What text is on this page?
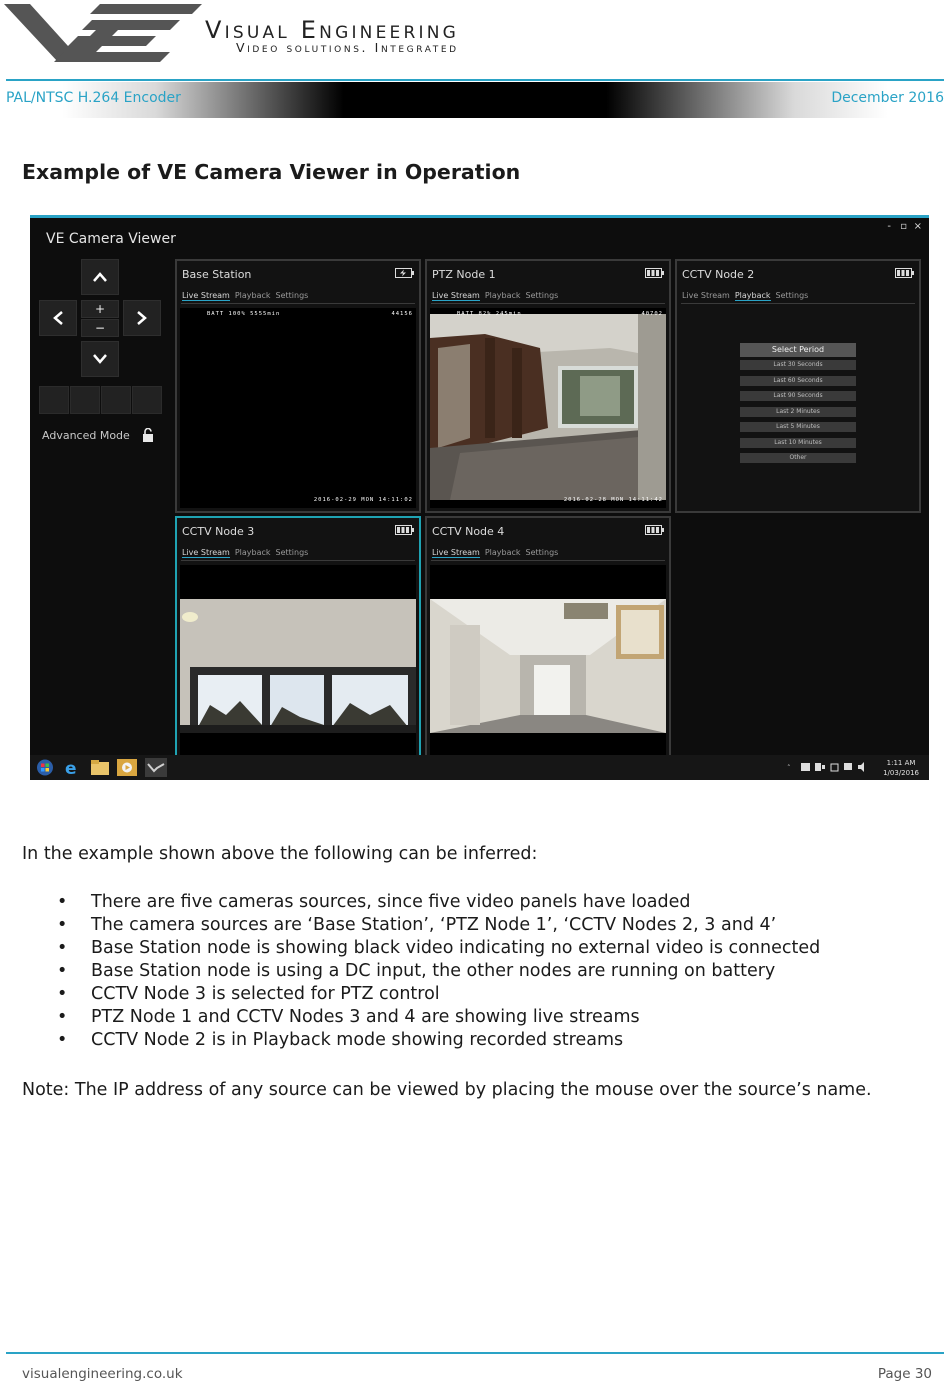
Visual Engineering
Video solutions. Integrated
PAL/NTSC H.264 Encoder	December 2016
Example of VE Camera Viewer in Operation
VE Camera Viewer
- ▫ ×
+
−
Advanced Mode
Base Station
Live Stream Playback Settings
BATT 100% 5555min	44156
2016-02-29 MON 14:11:02
PTZ Node 1
Live Stream Playback Settings
BATT 82% 245min	40702
2016-02-28 MON 14:11:42
CCTV Node 2
Live Stream Playback Settings
Select Period
Last 30 Seconds
Last 60 Seconds
Last 90 Seconds
Last 2 Minutes
Last 5 Minutes
Last 10 Minutes
Other
CCTV Node 3
Live Stream Playback Settings
CCTV Node 4
Live Stream Playback Settings
e	˄
1:11 AM
1/03/2016
In the example shown above the following can be inferred:
• There are five cameras sources, since five video panels have loaded
• The camera sources are ‘Base Station’, ‘PTZ Node 1’, ‘CCTV Nodes 2, 3 and 4’
• Base Station node is showing black video indicating no external video is connected
• Base Station node is using a DC input, the other nodes are running on battery
• CCTV Node 3 is selected for PTZ control
• PTZ Node 1 and CCTV Nodes 3 and 4 are showing live streams
• CCTV Node 2 is in Playback mode showing recorded streams
Note: The IP address of any source can be viewed by placing the mouse over the source’s name.
visualengineering.co.uk	Page 30
